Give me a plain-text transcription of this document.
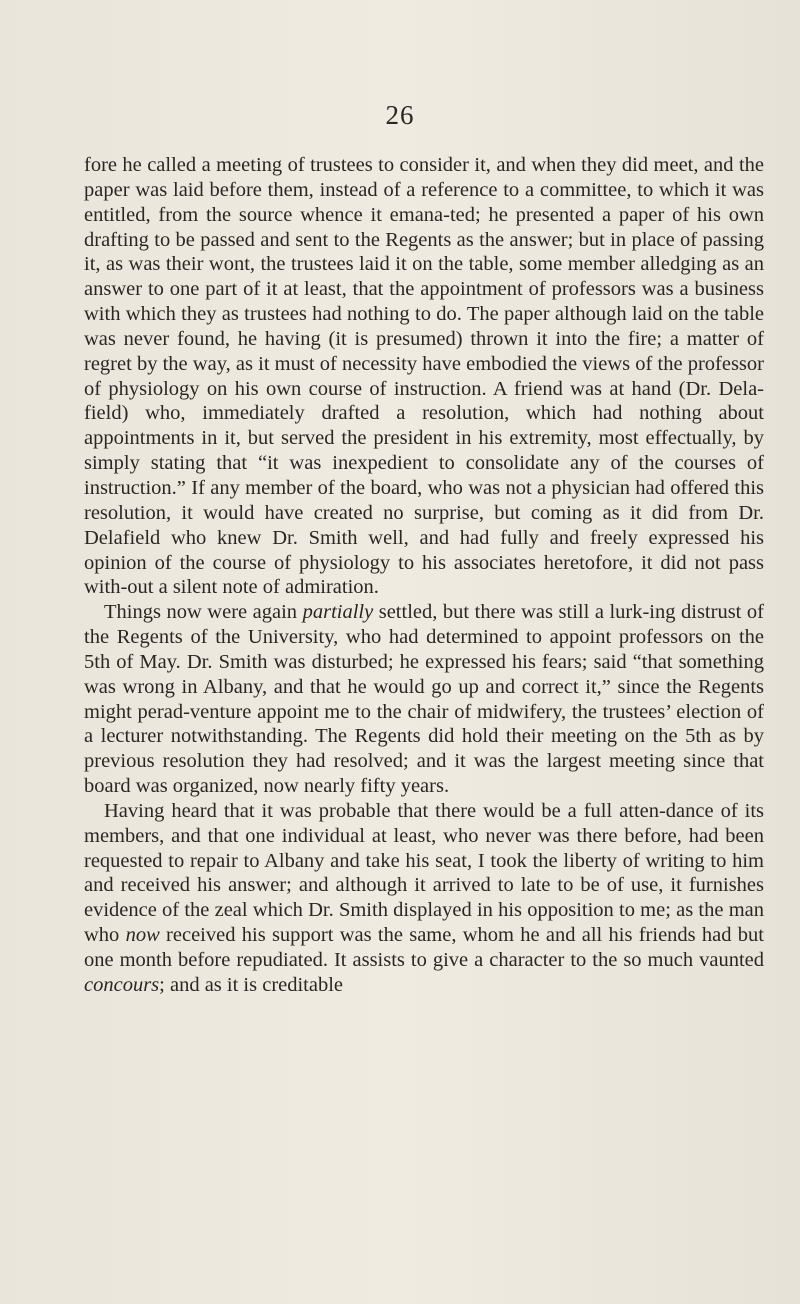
26

fore he called a meeting of trustees to consider it, and when they did meet, and the paper was laid before them, instead of a reference to a committee, to which it was entitled, from the source whence it emana-ted; he presented a paper of his own drafting to be passed and sent to the Regents as the answer; but in place of passing it, as was their wont, the trustees laid it on the table, some member alledging as an answer to one part of it at least, that the appointment of professors was a business with which they as trustees had nothing to do. The paper although laid on the table was never found, he having (it is presumed) thrown it into the fire; a matter of regret by the way, as it must of necessity have embodied the views of the professor of physiology on his own course of instruction. A friend was at hand (Dr. Dela-field) who, immediately drafted a resolution, which had nothing about appointments in it, but served the president in his extremity, most effectually, by simply stating that “it was inexpedient to consolidate any of the courses of instruction.” If any member of the board, who was not a physician had offered this resolution, it would have created no surprise, but coming as it did from Dr. Delafield who knew Dr. Smith well, and had fully and freely expressed his opinion of the course of physiology to his associates heretofore, it did not pass with-out a silent note of admiration.

Things now were again partially settled, but there was still a lurk-ing distrust of the Regents of the University, who had determined to appoint professors on the 5th of May. Dr. Smith was disturbed; he expressed his fears; said “that something was wrong in Albany, and that he would go up and correct it,” since the Regents might perad-venture appoint me to the chair of midwifery, the trustees’ election of a lecturer notwithstanding. The Regents did hold their meeting on the 5th as by previous resolution they had resolved; and it was the largest meeting since that board was organized, now nearly fifty years.

Having heard that it was probable that there would be a full atten-dance of its members, and that one individual at least, who never was there before, had been requested to repair to Albany and take his seat, I took the liberty of writing to him and received his answer; and although it arrived to late to be of use, it furnishes evidence of the zeal which Dr. Smith displayed in his opposition to me; as the man who now received his support was the same, whom he and all his friends had but one month before repudiated. It assists to give a character to the so much vaunted concours; and as it is creditable
